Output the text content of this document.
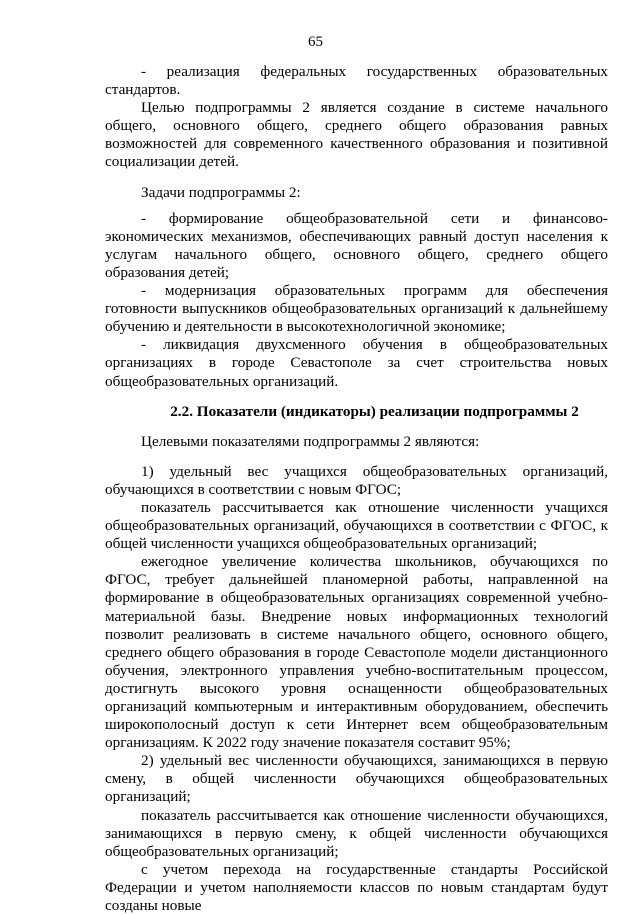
65

- реализация федеральных государственных образовательных стандартов.

Целью подпрограммы 2 является создание в системе начального общего, основного общего, среднего общего образования равных возможностей для современного качественного образования и позитивной социализации детей.

Задачи подпрограммы 2:

- формирование общеобразовательной сети и финансово-экономических механизмов, обеспечивающих равный доступ населения к услугам начального общего, основного общего, среднего общего образования детей;

- модернизация образовательных программ для обеспечения готовности выпускников общеобразовательных организаций к дальнейшему обучению и деятельности в высокотехнологичной экономике;

- ликвидация двухсменного обучения в общеобразовательных организациях в городе Севастополе за счет строительства новых общеобразовательных организаций.

2.2. Показатели (индикаторы) реализации подпрограммы 2

Целевыми показателями подпрограммы 2 являются:

1) удельный вес учащихся общеобразовательных организаций, обучающихся в соответствии с новым ФГОС;

показатель рассчитывается как отношение численности учащихся общеобразовательных организаций, обучающихся в соответствии с ФГОС, к общей численности учащихся общеобразовательных организаций;

ежегодное увеличение количества школьников, обучающихся по ФГОС, требует дальнейшей планомерной работы, направленной на формирование в общеобразовательных организациях современной учебно-материальной базы. Внедрение новых информационных технологий позволит реализовать в системе начального общего, основного общего, среднего общего образования в городе Севастополе модели дистанционного обучения, электронного управления учебно-воспитательным процессом, достигнуть высокого уровня оснащенности общеобразовательных организаций компьютерным и интерактивным оборудованием, обеспечить широкополосный доступ к сети Интернет всем общеобразовательным организациям. К 2022 году значение показателя составит 95%;

2) удельный вес численности обучающихся, занимающихся в первую смену, в общей численности обучающихся общеобразовательных организаций;

показатель рассчитывается как отношение численности обучающихся, занимающихся в первую смену, к общей численности обучающихся общеобразовательных организаций;

с учетом перехода на государственные стандарты Российской Федерации и учетом наполняемости классов по новым стандартам будут созданы новые
